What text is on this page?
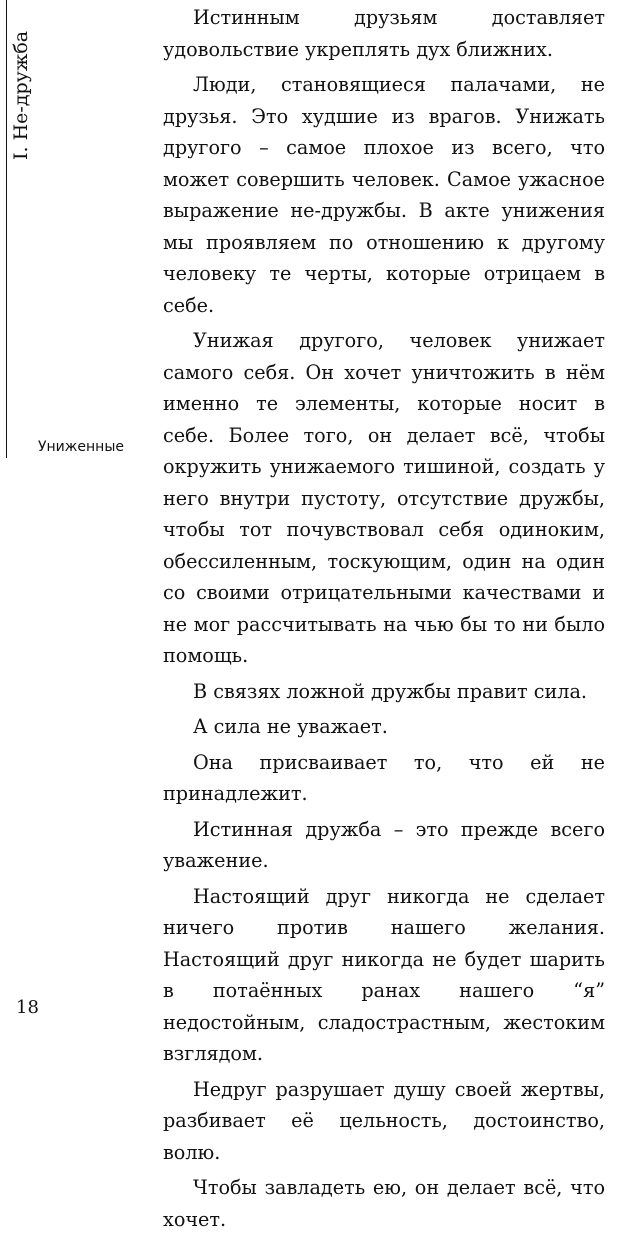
I. Не-дружба
Униженные
18

Истинным друзьям доставляет удовольствие укреплять дух ближних.

Люди, становящиеся палачами, не друзья. Это худшие из врагов. Унижать другого – самое плохое из всего, что может совершить человек. Самое ужасное выражение не-дружбы. В акте унижения мы проявляем по отношению к другому человеку те черты, которые отрицаем в себе.

Унижая другого, человек унижает самого себя. Он хочет уничтожить в нём именно те элементы, которые носит в себе. Более того, он делает всё, чтобы окружить унижаемого тишиной, создать у него внутри пустоту, отсутствие дружбы, чтобы тот почувствовал себя одиноким, обессиленным, тоскующим, один на один со своими отрицательными качествами и не мог рассчитывать на чью бы то ни было помощь.

В связях ложной дружбы правит сила.

А сила не уважает.

Она присваивает то, что ей не принадлежит.

Истинная дружба – это прежде всего уважение.

Настоящий друг никогда не сделает ничего против нашего желания. Настоящий друг никогда не будет шарить в потаённых ранах нашего “я” недостойным, сладострастным, жестоким взглядом.

Недруг разрушает душу своей жертвы, разбивает её цельность, достоинство, волю.

Чтобы завладеть ею, он делает всё, что хочет.
